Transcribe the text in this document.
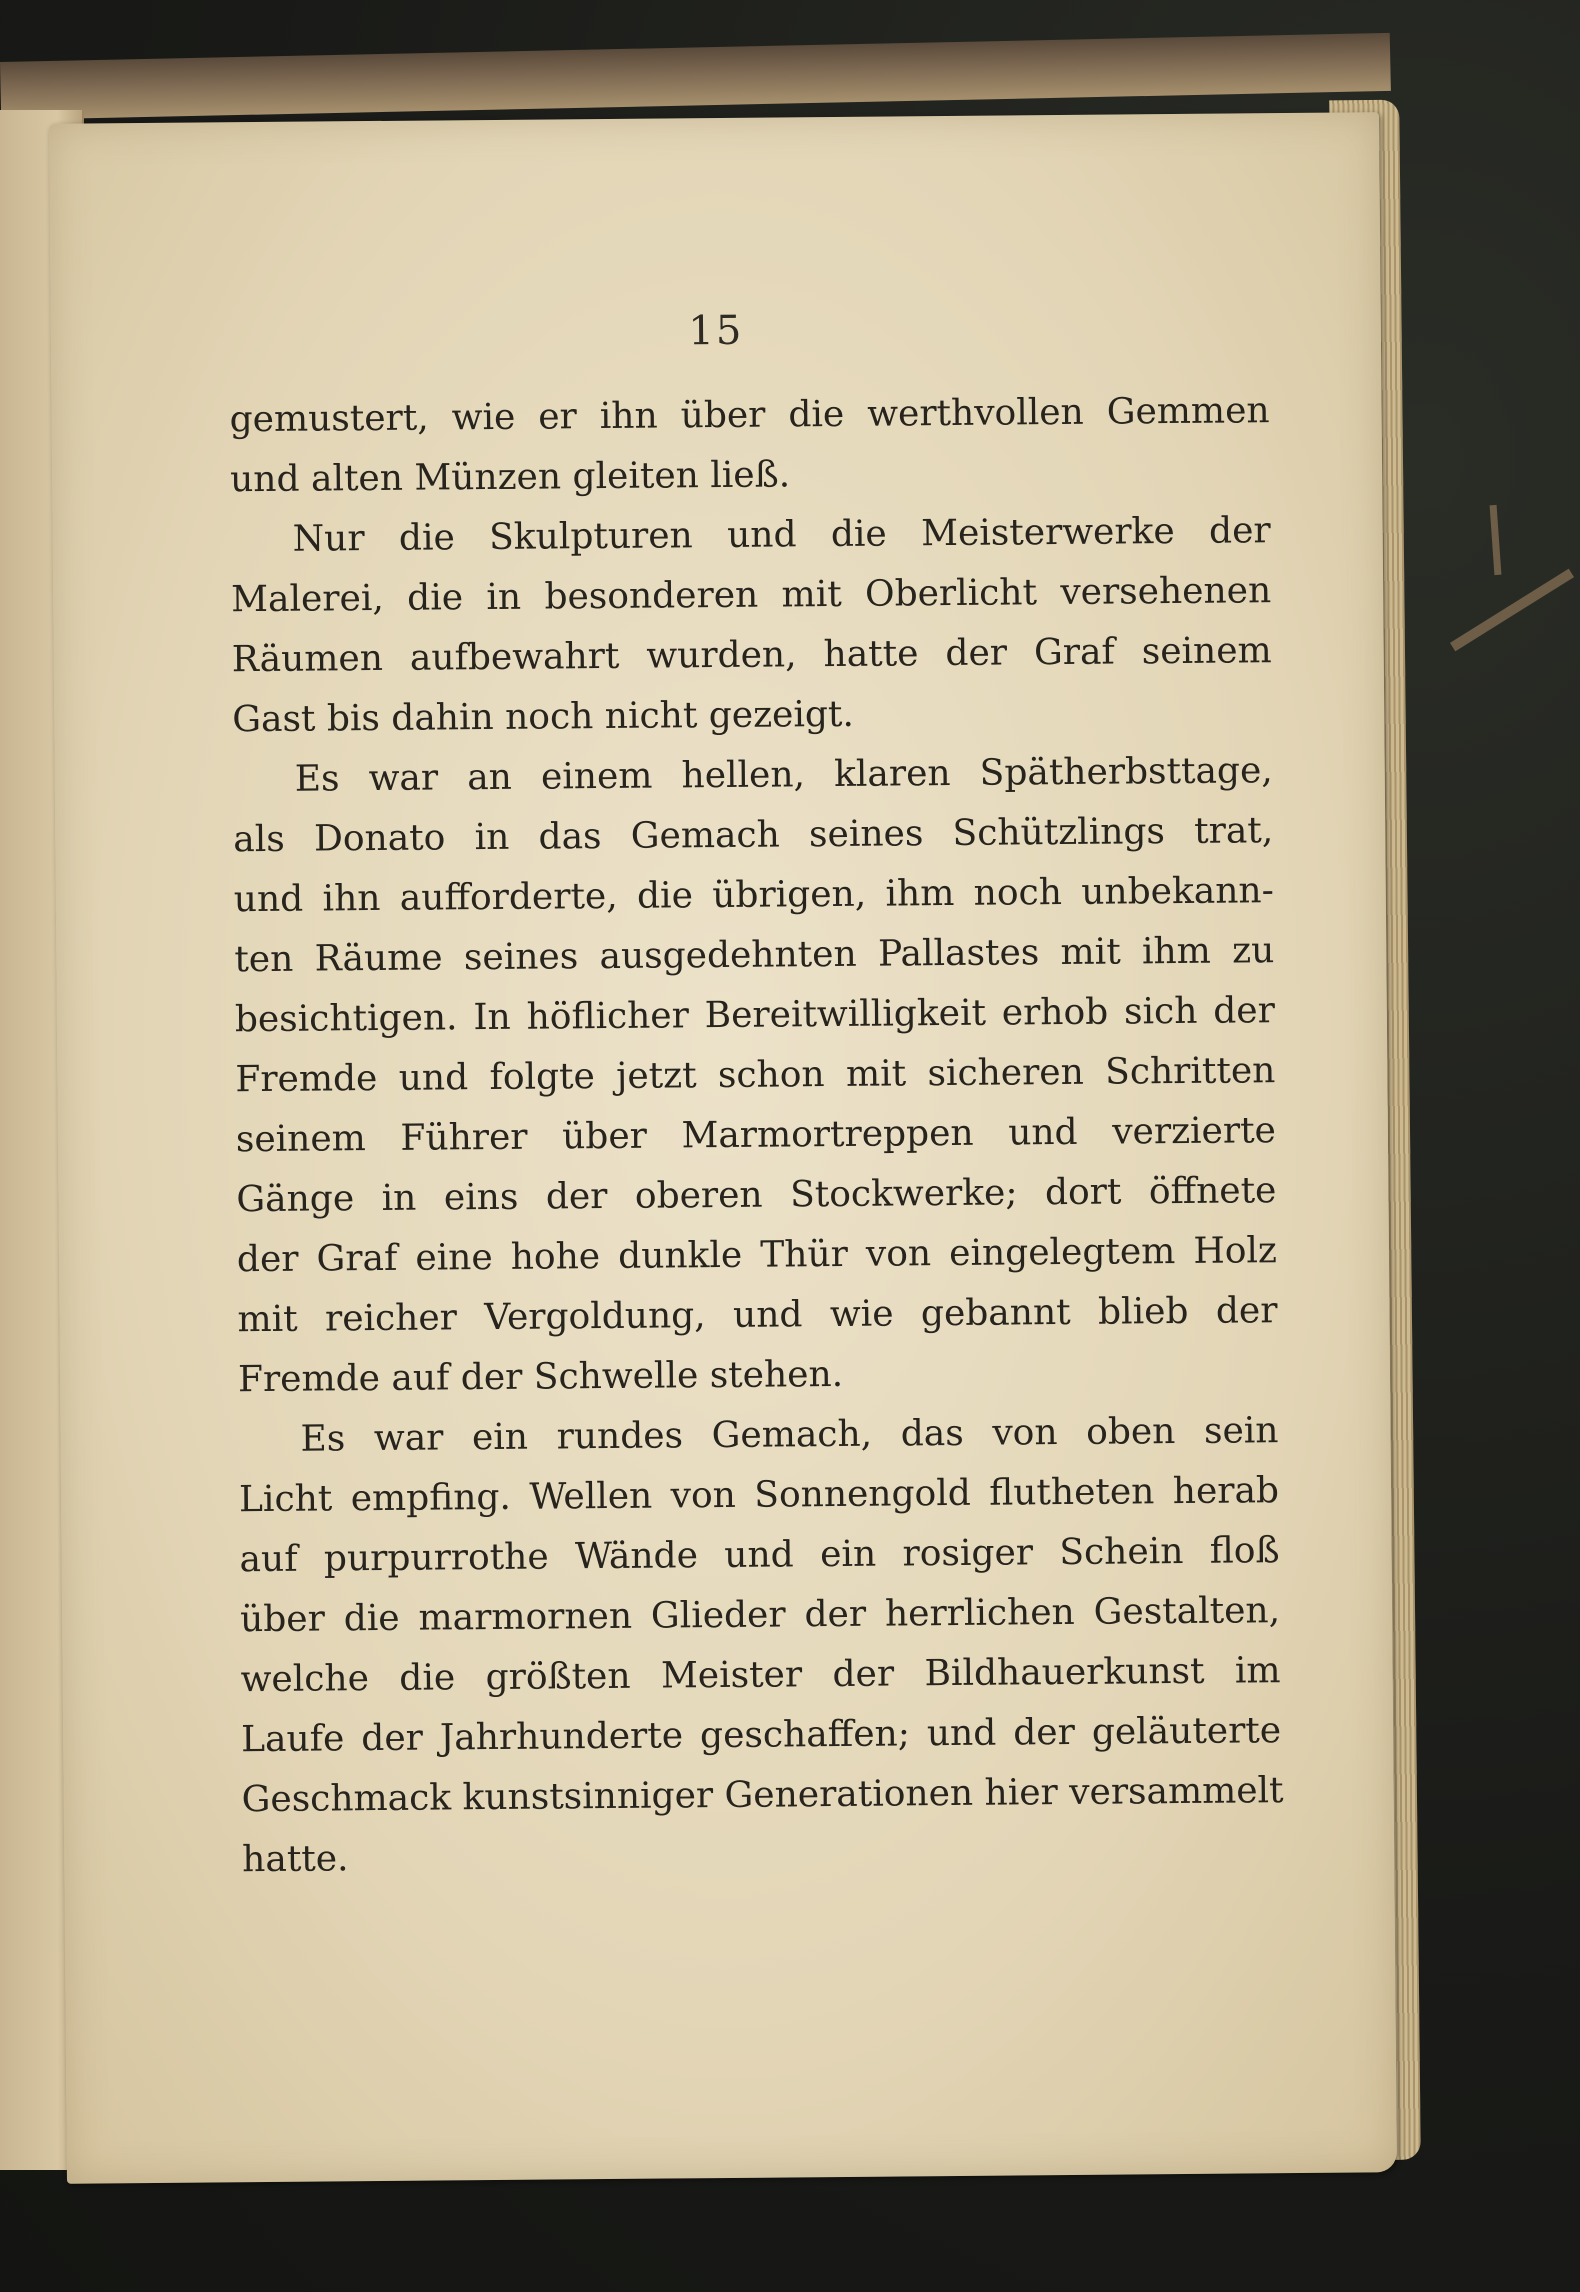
15
gemustert, wie er ihn über die werthvollen Gemmen
und alten Münzen gleiten ließ.
Nur die Skulpturen und die Meisterwerke der
Malerei, die in besonderen mit Oberlicht versehenen
Räumen aufbewahrt wurden, hatte der Graf seinem
Gast bis dahin noch nicht gezeigt.
Es war an einem hellen, klaren Spätherbsttage,
als Donato in das Gemach seines Schützlings trat,
und ihn aufforderte, die übrigen, ihm noch unbekann-
ten Räume seines ausgedehnten Pallastes mit ihm zu
besichtigen. In höflicher Bereitwilligkeit erhob sich der
Fremde und folgte jetzt schon mit sicheren Schritten
seinem Führer über Marmortreppen und verzierte
Gänge in eins der oberen Stockwerke; dort öffnete
der Graf eine hohe dunkle Thür von eingelegtem Holz
mit reicher Vergoldung, und wie gebannt blieb der
Fremde auf der Schwelle stehen.
Es war ein rundes Gemach, das von oben sein
Licht empfing. Wellen von Sonnengold flutheten herab
auf purpurrothe Wände und ein rosiger Schein floß
über die marmornen Glieder der herrlichen Gestalten,
welche die größten Meister der Bildhauerkunst im
Laufe der Jahrhunderte geschaffen; und der geläuterte
Geschmack kunstsinniger Generationen hier versammelt
hatte.
